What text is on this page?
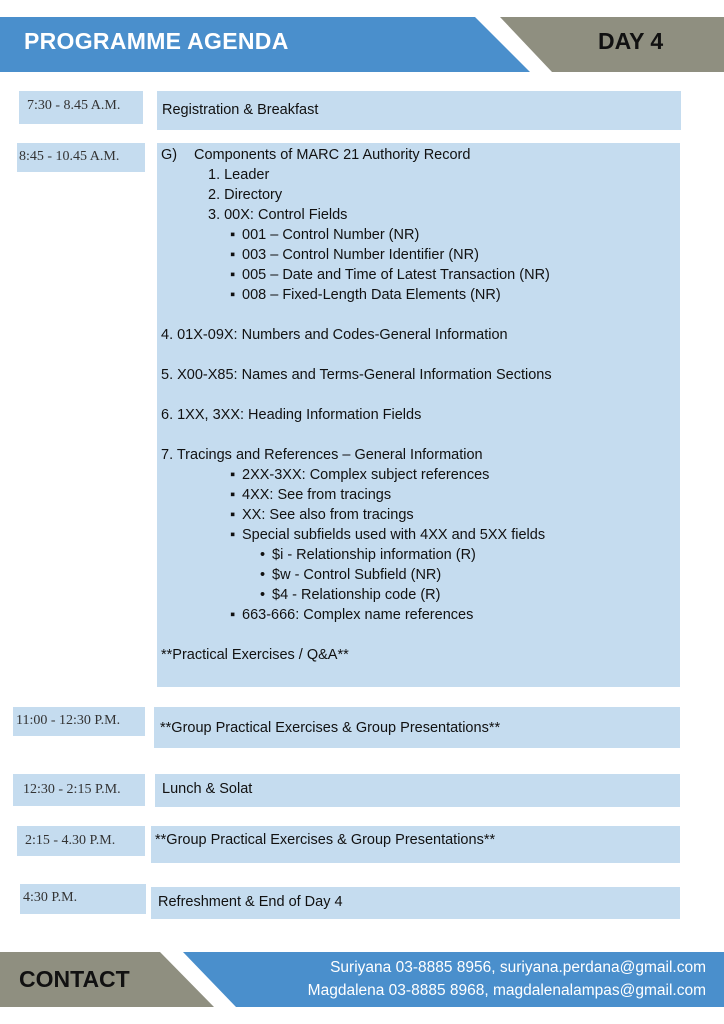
PROGRAMME AGENDA	DAY 4
7:30 - 8.45 A.M.	Registration & Breakfast
8:45 - 10.45 A.M.	G) Components of MARC 21 Authority Record
1. Leader
2. Directory
3. 00X: Control Fields
▪ 001 – Control Number (NR)
▪ 003 – Control Number Identifier (NR)
▪ 005 – Date and Time of Latest Transaction (NR)
▪ 008 – Fixed-Length Data Elements (NR)
4. 01X-09X: Numbers and Codes-General Information
5. X00-X85: Names and Terms-General Information Sections
6. 1XX, 3XX: Heading Information Fields
7. Tracings and References – General Information
▪ 2XX-3XX: Complex subject references
▪ 4XX: See from tracings
▪ XX: See also from tracings
▪ Special subfields used with 4XX and 5XX fields
• $i - Relationship information (R)
• $w - Control Subfield (NR)
• $4 - Relationship code (R)
▪ 663-666: Complex name references
**Practical Exercises / Q&A**
11:00 - 12:30 P.M.	**Group Practical Exercises & Group Presentations**
12:30 - 2:15 P.M.	Lunch & Solat
2:15 - 4.30 P.M.	**Group Practical Exercises & Group Presentations**
4:30 P.M.	Refreshment & End of Day 4
CONTACT	Suriyana 03-8885 8956, suriyana.perdana@gmail.com
Magdalena 03-8885 8968, magdalenalampas@gmail.com
